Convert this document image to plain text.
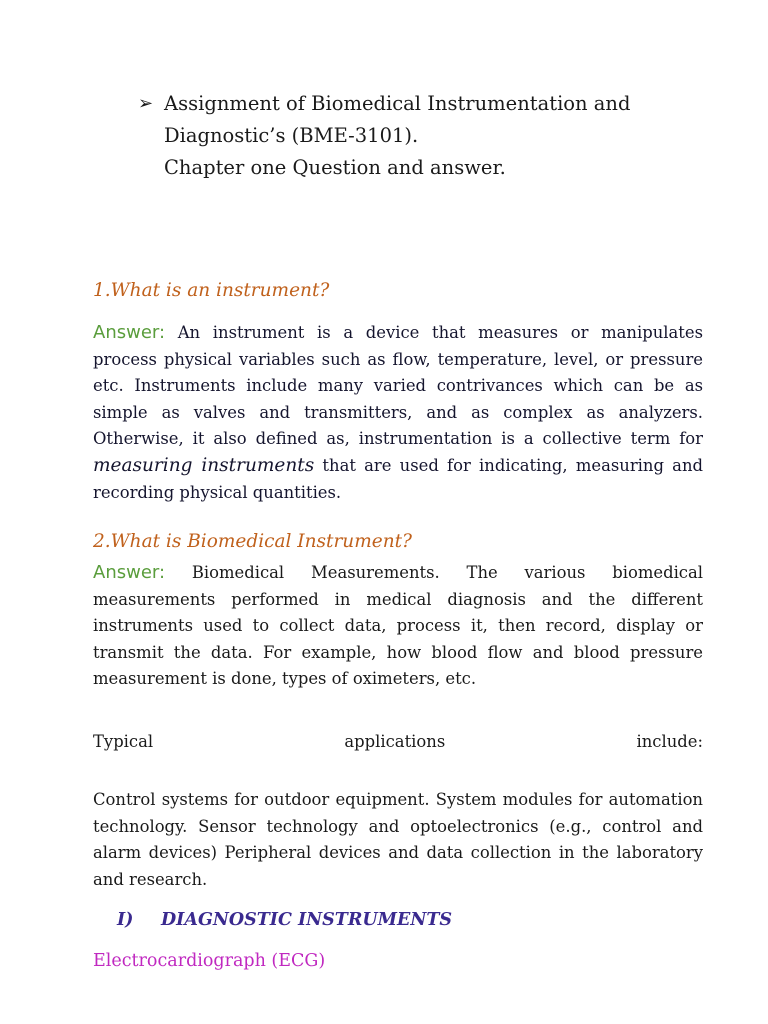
➢ Assignment of Biomedical Instrumentation and
Diagnostic’s (BME-3101).
Chapter one Question and answer.
1.What is an instrument?
Answer: An instrument is a device that measures or manipulates process physical variables such as flow, temperature, level, or pressure etc. Instruments include many varied contrivances which can be as simple as valves and transmitters, and as complex as analyzers. Otherwise, it also defined as, instrumentation is a collective term for measuring instruments that are used for indicating, measuring and recording physical quantities.
2.What is Biomedical Instrument?
Answer: Biomedical Measurements. The various biomedical measurements performed in medical diagnosis and the different instruments used to collect data, process it, then record, display or transmit the data. For example, how blood flow and blood pressure measurement is done, types of oximeters, etc.
Typical	applications	include:
Control systems for outdoor equipment. System modules for automation technology. Sensor technology and optoelectronics (e.g., control and alarm devices) Peripheral devices and data collection in the laboratory and research.
I) DIAGNOSTIC INSTRUMENTS
Electrocardiograph (ECG)
